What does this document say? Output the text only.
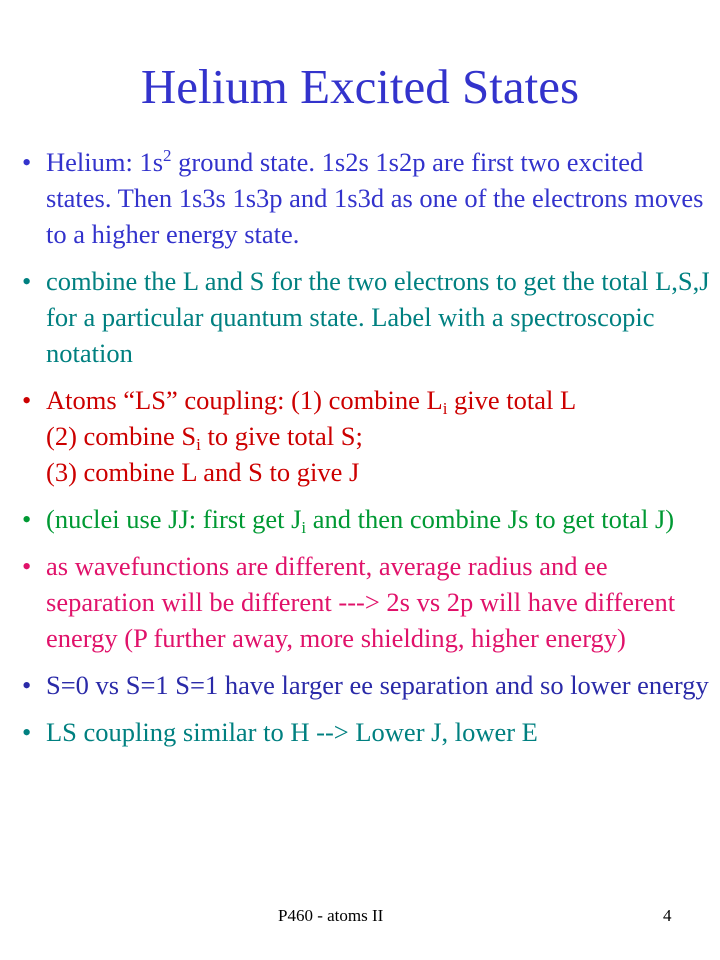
Helium Excited States
• Helium: $1s^2$ ground state. 1s2s 1s2p are first two excited states. Then 1s3s 1s3p and 1s3d as one of the electrons moves to a higher energy state.
• combine the L and S for the two electrons to get the total L,S,J for a particular quantum state. Label with a spectroscopic notation
• Atoms “LS” coupling: (1) combine $L_i$ give total L
(2) combine $S_i$ to give total S;
(3) combine L and S to give J
• (nuclei use JJ: first get $J_i$ and then combine Js to get total J)
• as wavefunctions are different, average radius and ee separation will be different ---> 2s vs 2p will have different energy (P further away, more shielding, higher energy)
• S=0 vs S=1 S=1 have larger ee separation and so lower energy
• LS coupling similar to H --> Lower J, lower E
P460 - atoms II	4
